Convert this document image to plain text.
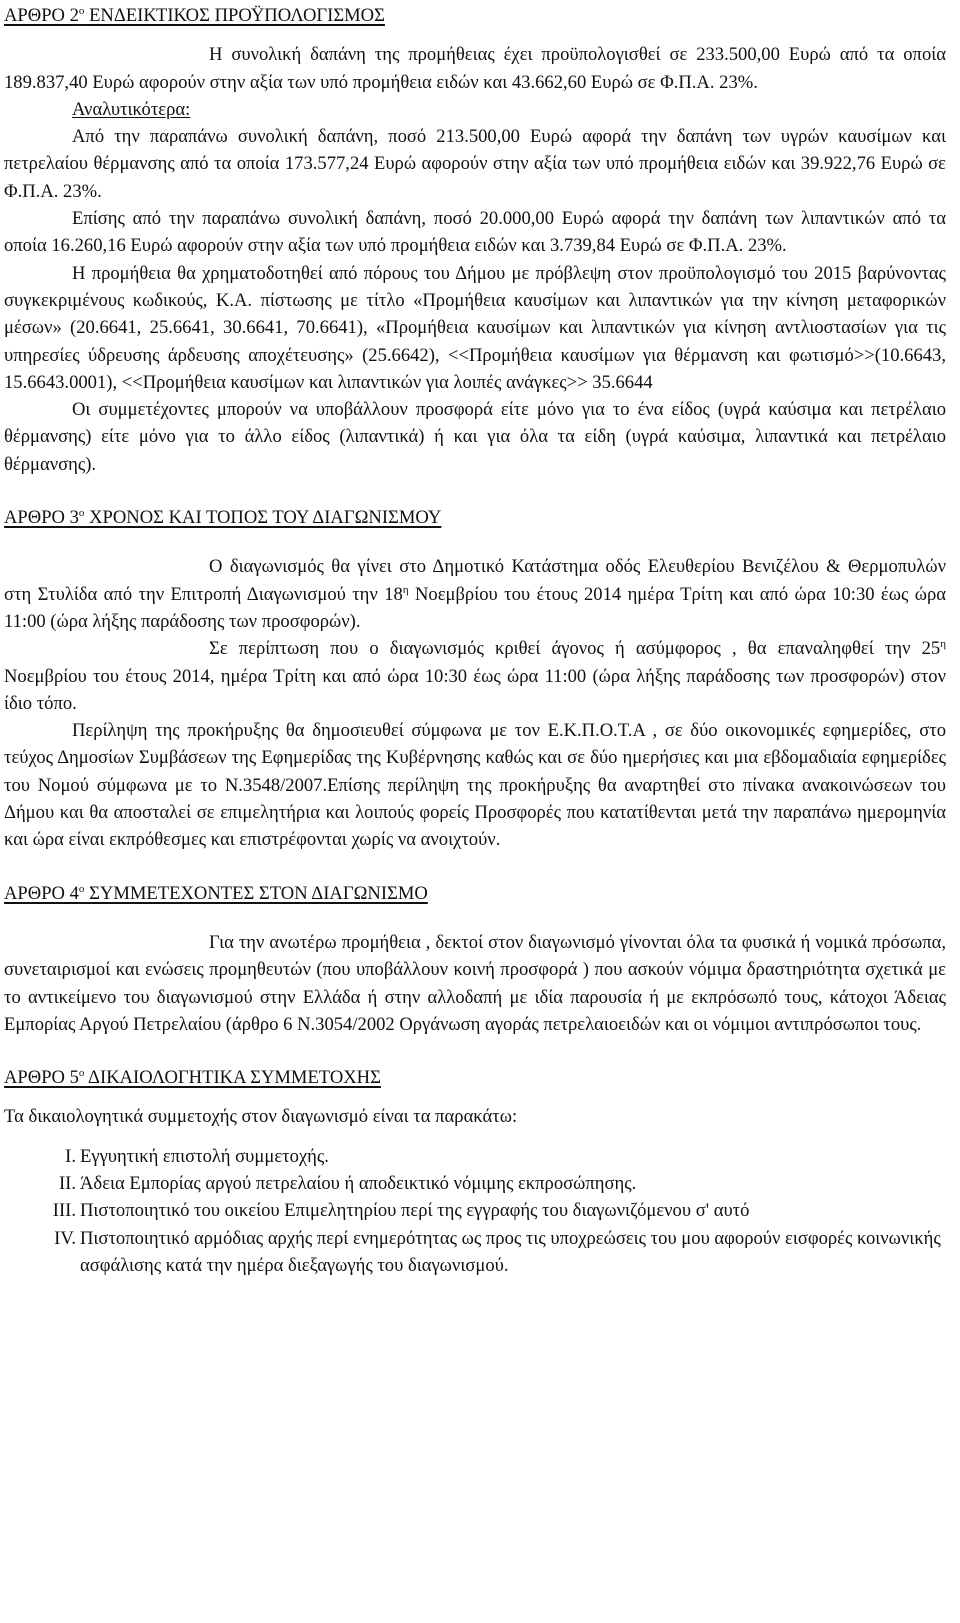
ΑΡΘΡΟ $2^o$ ΕΝΔΕΙΚΤΙΚΟΣ ΠΡΟΫΠΟΛΟΓΙΣΜΟΣ

Η συνολική δαπάνη της προμήθειας έχει προϋπολογισθεί σε 233.500,00 Ευρώ από τα οποία 189.837,40 Ευρώ αφορούν στην αξία των υπό προμήθεια ειδών και 43.662,60 Ευρώ σε Φ.Π.Α. 23%.

Αναλυτικότερα:

Από την παραπάνω συνολική δαπάνη, ποσό 213.500,00 Ευρώ αφορά την δαπάνη των υγρών καυσίμων και πετρελαίου θέρμανσης από τα οποία 173.577,24 Ευρώ αφορούν στην αξία των υπό προμήθεια ειδών και 39.922,76 Ευρώ σε Φ.Π.Α. 23%.

Επίσης από την παραπάνω συνολική δαπάνη, ποσό 20.000,00 Ευρώ αφορά την δαπάνη των λιπαντικών από τα οποία 16.260,16 Ευρώ αφορούν στην αξία των υπό προμήθεια ειδών και 3.739,84 Ευρώ σε Φ.Π.Α. 23%.

Η προμήθεια θα χρηματοδοτηθεί από πόρους του Δήμου με πρόβλεψη στον προϋπολογισμό του 2015 βαρύνοντας συγκεκριμένους κωδικούς, Κ.Α. πίστωσης με τίτλο «Προμήθεια καυσίμων και λιπαντικών για την κίνηση μεταφορικών μέσων» (20.6641, 25.6641, 30.6641, 70.6641), «Προμήθεια καυσίμων και λιπαντικών για κίνηση αντλιοστασίων για τις υπηρεσίες ύδρευσης άρδευσης αποχέτευσης» (25.6642), <<Προμήθεια καυσίμων για θέρμανση και φωτισμό>>(10.6643, 15.6643.0001), <<Προμήθεια καυσίμων και λιπαντικών για λοιπές ανάγκες>> 35.6644

Οι συμμετέχοντες μπορούν να υποβάλλουν προσφορά είτε μόνο για το ένα είδος (υγρά καύσιμα και πετρέλαιο θέρμανσης) είτε μόνο για το άλλο είδος (λιπαντικά) ή και για όλα τα είδη (υγρά καύσιμα, λιπαντικά και πετρέλαιο θέρμανσης).

ΑΡΘΡΟ $3^o$ ΧΡΟΝΟΣ ΚΑΙ ΤΟΠΟΣ ΤΟΥ ΔΙΑΓΩΝΙΣΜΟΥ

Ο διαγωνισμός θα γίνει στο Δημοτικό Κατάστημα οδός Ελευθερίου Βενιζέλου & Θερμοπυλών στη Στυλίδα από την Επιτροπή Διαγωνισμού την $18^\eta$ Νοεμβρίου του έτους 2014 ημέρα Τρίτη και από ώρα 10:30 έως ώρα 11:00 (ώρα λήξης παράδοσης των προσφορών).

Σε περίπτωση που ο διαγωνισμός κριθεί άγονος ή ασύμφορος , θα επαναληφθεί την $25^\eta$ Νοεμβρίου του έτους 2014, ημέρα Τρίτη και από ώρα 10:30 έως ώρα 11:00 (ώρα λήξης παράδοσης των προσφορών) στον ίδιο τόπο.

Περίληψη της προκήρυξης θα δημοσιευθεί σύμφωνα με τον Ε.Κ.Π.Ο.Τ.Α , σε δύο οικονομικές εφημερίδες, στο τεύχος Δημοσίων Συμβάσεων της Εφημερίδας της Κυβέρνησης καθώς και σε δύο ημερήσιες και μια εβδομαδιαία εφημερίδες του Νομού σύμφωνα με το Ν.3548/2007.Επίσης περίληψη της προκήρυξης θα αναρτηθεί στο πίνακα ανακοινώσεων του Δήμου και θα αποσταλεί σε επιμελητήρια και λοιπούς φορείς Προσφορές που κατατίθενται μετά την παραπάνω ημερομηνία και ώρα είναι εκπρόθεσμες και επιστρέφονται χωρίς να ανοιχτούν.

ΑΡΘΡΟ $4^o$ ΣΥΜΜΕΤΕΧΟΝΤΕΣ ΣΤΟΝ ΔΙΑΓΩΝΙΣΜΟ

Για την ανωτέρω προμήθεια , δεκτοί στον διαγωνισμό γίνονται όλα τα φυσικά ή νομικά πρόσωπα, συνεταιρισμοί και ενώσεις προμηθευτών (που υποβάλλουν κοινή προσφορά ) που ασκούν νόμιμα δραστηριότητα σχετικά με το αντικείμενο του διαγωνισμού στην Ελλάδα ή στην αλλοδαπή με ιδία παρουσία ή με εκπρόσωπό τους, κάτοχοι Άδειας Εμπορίας Αργού Πετρελαίου (άρθρο 6 Ν.3054/2002 Οργάνωση αγοράς πετρελαιοειδών και οι νόμιμοι αντιπρόσωποι τους.

ΑΡΘΡΟ $5^o$ ΔΙΚΑΙΟΛΟΓΗΤΙΚΑ ΣΥΜΜΕΤΟΧΗΣ

Τα δικαιολογητικά συμμετοχής στον διαγωνισμό είναι τα παρακάτω:

I. Εγγυητική επιστολή συμμετοχής.
II. Άδεια Εμπορίας αργού πετρελαίου ή αποδεικτικό νόμιμης εκπροσώπησης.
III. Πιστοποιητικό του οικείου Επιμελητηρίου περί της εγγραφής του διαγωνιζόμενου σ' αυτό
IV. Πιστοποιητικό αρμόδιας αρχής περί ενημερότητας ως προς τις υποχρεώσεις του μου αφορούν εισφορές κοινωνικής ασφάλισης κατά την ημέρα διεξαγωγής του διαγωνισμού.
